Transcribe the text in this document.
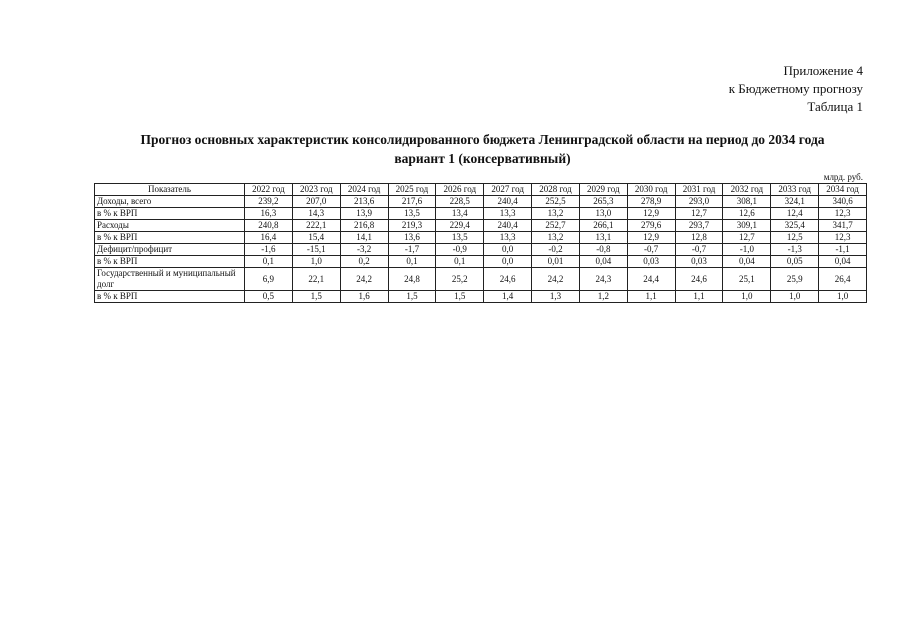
Приложение 4
к Бюджетному прогнозу
Таблица 1
Прогноз основных характеристик консолидированного бюджета Ленинградской области на период до 2034 года
вариант 1 (консервативный)
млрд. руб.
Показатель	2022 год	2023 год	2024 год	2025 год	2026 год	2027 год	2028 год	2029 год	2030 год	2031 год	2032 год	2033 год	2034 год
Доходы, всего	239,2	207,0	213,6	217,6	228,5	240,4	252,5	265,3	278,9	293,0	308,1	324,1	340,6
в % к ВРП	16,3	14,3	13,9	13,5	13,4	13,3	13,2	13,0	12,9	12,7	12,6	12,4	12,3
Расходы	240,8	222,1	216,8	219,3	229,4	240,4	252,7	266,1	279,6	293,7	309,1	325,4	341,7
в % к ВРП	16,4	15,4	14,1	13,6	13,5	13,3	13,2	13,1	12,9	12,8	12,7	12,5	12,3
Дефицит/профицит	-1,6	-15,1	-3,2	-1,7	-0,9	0,0	-0,2	-0,8	-0,7	-0,7	-1,0	-1,3	-1,1
в % к ВРП	0,1	1,0	0,2	0,1	0,1	0,0	0,01	0,04	0,03	0,03	0,04	0,05	0,04
Государственный и муниципальный долг	6,9	22,1	24,2	24,8	25,2	24,6	24,2	24,3	24,4	24,6	25,1	25,9	26,4
в % к ВРП	0,5	1,5	1,6	1,5	1,5	1,4	1,3	1,2	1,1	1,1	1,0	1,0	1,0
